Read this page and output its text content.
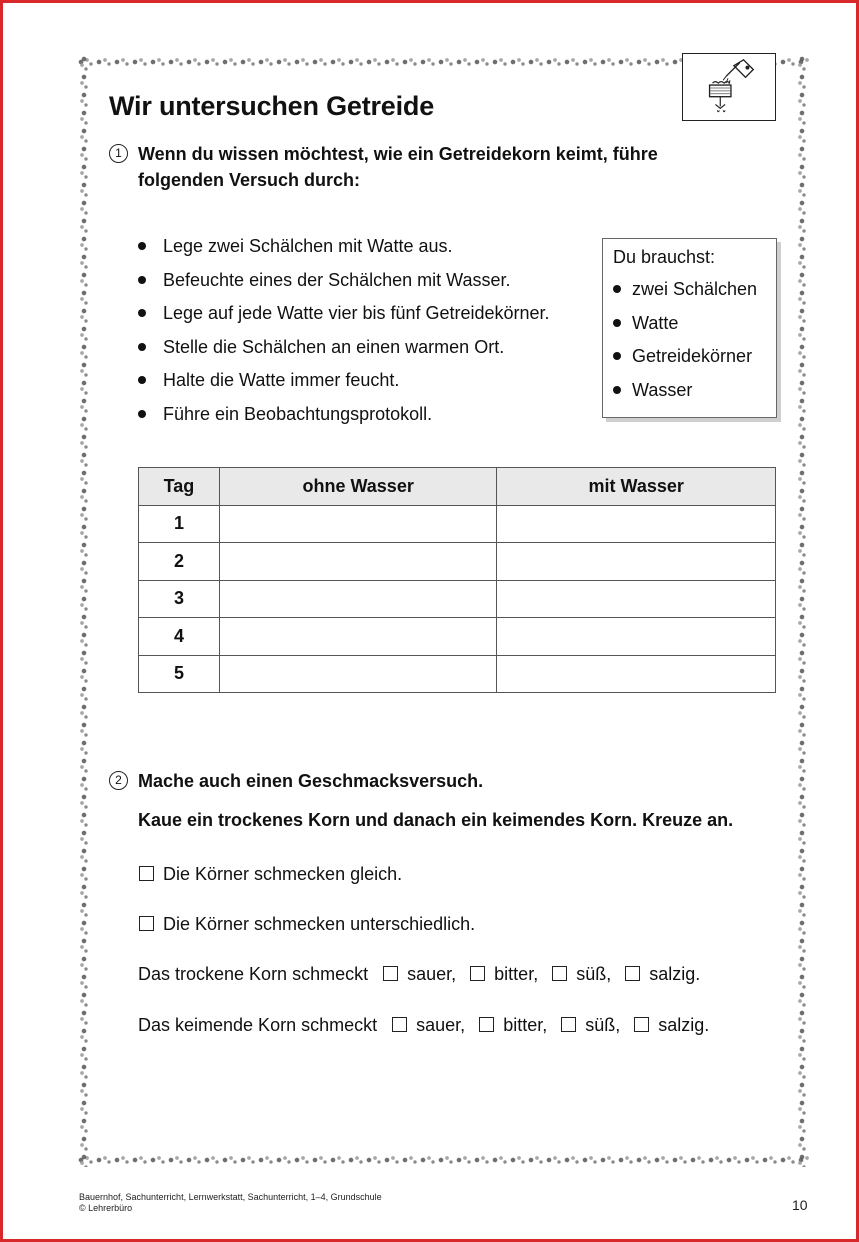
Wir untersuchen Getreide
1 Wenn du wissen möchtest, wie ein Getreidekorn keimt, führe folgenden Versuch durch:
Lege zwei Schälchen mit Watte aus.
Befeuchte eines der Schälchen mit Wasser.
Lege auf jede Watte vier bis fünf Getreidekörner.
Stelle die Schälchen an einen warmen Ort.
Halte die Watte immer feucht.
Führe ein Beobachtungsprotokoll.
Du brauchst:
zwei Schälchen
Watte
Getreidekörner
Wasser
Tag	ohne Wasser	mit Wasser
1		
2		
3		
4		
5		
2 Mache auch einen Geschmacksversuch.
Kaue ein trockenes Korn und danach ein keimendes Korn. Kreuze an.
Die Körner schmecken gleich.
Die Körner schmecken unterschiedlich.
Das trockene Korn schmeckt sauer, bitter, süß, salzig.
Das keimende Korn schmeckt sauer, bitter, süß, salzig.
Bauernhof, Sachunterricht, Lernwerkstatt, Sachunterricht, 1–4, Grundschule
© Lehrerbüro	10
